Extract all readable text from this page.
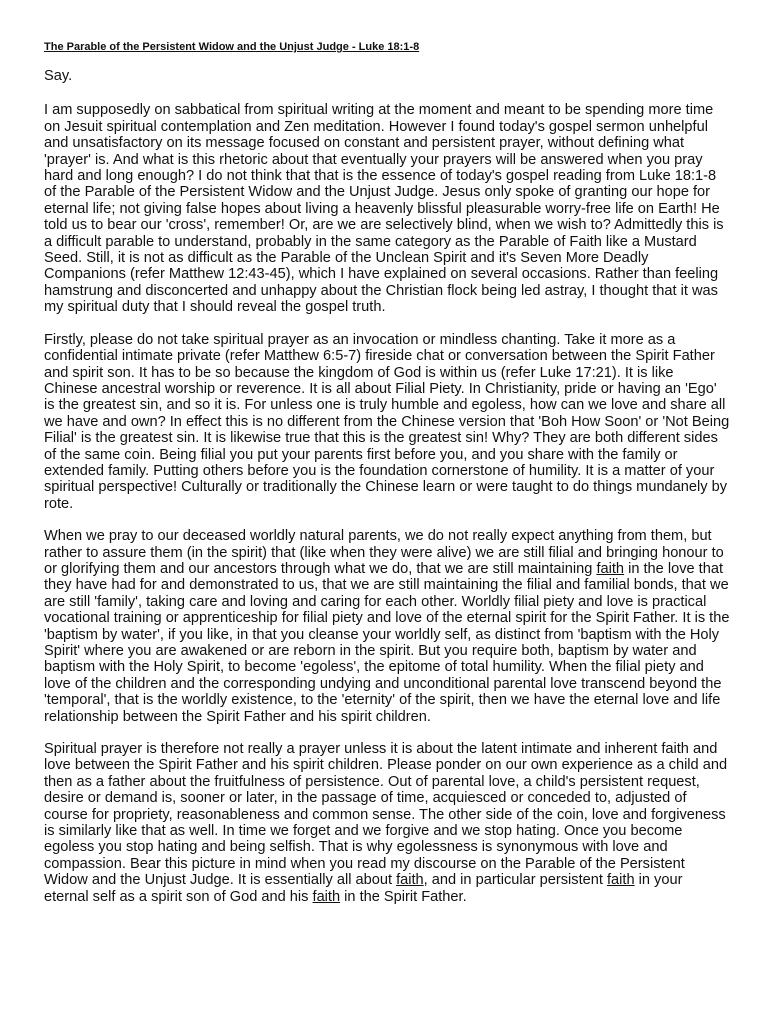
The Parable of the Persistent Widow and the Unjust Judge - Luke 18:1-8
Say.
I am supposedly on sabbatical from spiritual writing at the moment and meant to be spending more time on Jesuit spiritual contemplation and Zen meditation. However I found today's gospel sermon unhelpful and unsatisfactory on its message focused on constant and persistent prayer, without defining what 'prayer' is. And what is this rhetoric about that eventually your prayers will be answered when you pray hard and long enough? I do not think that that is the essence of today's gospel reading from Luke 18:1-8 of the Parable of the Persistent Widow and the Unjust Judge. Jesus only spoke of granting our hope for eternal life; not giving false hopes about living a heavenly blissful pleasurable worry-free life on Earth! He told us to bear our 'cross', remember! Or, are we are selectively blind, when we wish to? Admittedly this is a difficult parable to understand, probably in the same category as the Parable of Faith like a Mustard Seed. Still, it is not as difficult as the Parable of the Unclean Spirit and it's Seven More Deadly Companions (refer Matthew 12:43-45), which I have explained on several occasions. Rather than feeling hamstrung and disconcerted and unhappy about the Christian flock being led astray, I thought that it was my spiritual duty that I should reveal the gospel truth.
Firstly, please do not take spiritual prayer as an invocation or mindless chanting. Take it more as a confidential intimate private (refer Matthew 6:5-7) fireside chat or conversation between the Spirit Father and spirit son. It has to be so because the kingdom of God is within us (refer Luke 17:21). It is like Chinese ancestral worship or reverence. It is all about Filial Piety. In Christianity, pride or having an 'Ego' is the greatest sin, and so it is. For unless one is truly humble and egoless, how can we love and share all we have and own? In effect this is no different from the Chinese version that 'Boh How Soon' or 'Not Being Filial' is the greatest sin. It is likewise true that this is the greatest sin! Why? They are both different sides of the same coin. Being filial you put your parents first before you, and you share with the family or extended family. Putting others before you is the foundation cornerstone of humility. It is a matter of your spiritual perspective! Culturally or traditionally the Chinese learn or were taught to do things mundanely by rote.
When we pray to our deceased worldly natural parents, we do not really expect anything from them, but rather to assure them (in the spirit) that (like when they were alive) we are still filial and bringing honour to or glorifying them and our ancestors through what we do, that we are still maintaining faith in the love that they have had for and demonstrated to us, that we are still maintaining the filial and familial bonds, that we are still 'family', taking care and loving and caring for each other. Worldly filial piety and love is practical vocational training or apprenticeship for filial piety and love of the eternal spirit for the Spirit Father. It is the 'baptism by water', if you like, in that you cleanse your worldly self, as distinct from 'baptism with the Holy Spirit' where you are awakened or are reborn in the spirit. But you require both, baptism by water and baptism with the Holy Spirit, to become 'egoless', the epitome of total humility. When the filial piety and love of the children and the corresponding undying and unconditional parental love transcend beyond the 'temporal', that is the worldly existence, to the 'eternity' of the spirit, then we have the eternal love and life relationship between the Spirit Father and his spirit children.
Spiritual prayer is therefore not really a prayer unless it is about the latent intimate and inherent faith and love between the Spirit Father and his spirit children. Please ponder on our own experience as a child and then as a father about the fruitfulness of persistence. Out of parental love, a child's persistent request, desire or demand is, sooner or later, in the passage of time, acquiesced or conceded to, adjusted of course for propriety, reasonableness and common sense. The other side of the coin, love and forgiveness is similarly like that as well. In time we forget and we forgive and we stop hating. Once you become egoless you stop hating and being selfish. That is why egolessness is synonymous with love and compassion. Bear this picture in mind when you read my discourse on the Parable of the Persistent Widow and the Unjust Judge. It is essentially all about faith, and in particular persistent faith in your eternal self as a spirit son of God and his faith in the Spirit Father.
